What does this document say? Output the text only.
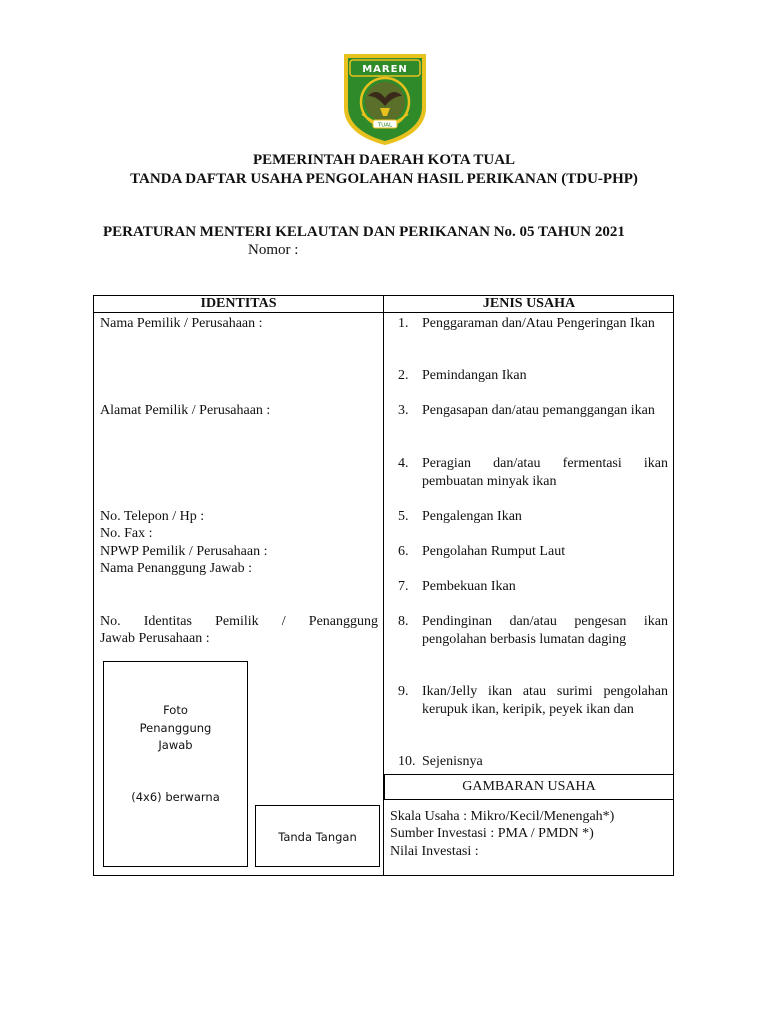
MAREN
TUAL
PEMERINTAH DAERAH KOTA TUAL
TANDA DAFTAR USAHA PENGOLAHAN HASIL PERIKANAN (TDU-PHP)
PERATURAN MENTERI KELAUTAN DAN PERIKANAN No. 05 TAHUN 2021
Nomor :
IDENTITAS	JENIS USAHA
Nama Pemilik / Perusahaan :
Alamat Pemilik / Perusahaan :
No. Telepon / Hp :
No. Fax :
NPWP Pemilik / Perusahaan :
Nama Penanggung Jawab :
No. Identitas Pemilik / Penanggung
Jawab Perusahaan :
Foto
Penanggung
Jawab
(4x6) berwarna
Tanda Tangan
1. Penggaraman dan/Atau Pengeringan Ikan
2. Pemindangan Ikan
3. Pengasapan dan/atau pemanggangan ikan
4. Peragian dan/atau fermentasi ikan pembuatan minyak ikan
5. Pengalengan Ikan
6. Pengolahan Rumput Laut
7. Pembekuan Ikan
8. Pendinginan dan/atau pengesan ikan pengolahan berbasis lumatan daging
9. Ikan/Jelly ikan atau surimi pengolahan kerupuk ikan, keripik, peyek ikan dan
10. Sejenisnya
GAMBARAN USAHA
Skala Usaha : Mikro/Kecil/Menengah*)
Sumber Investasi : PMA / PMDN *)
Nilai Investasi :
